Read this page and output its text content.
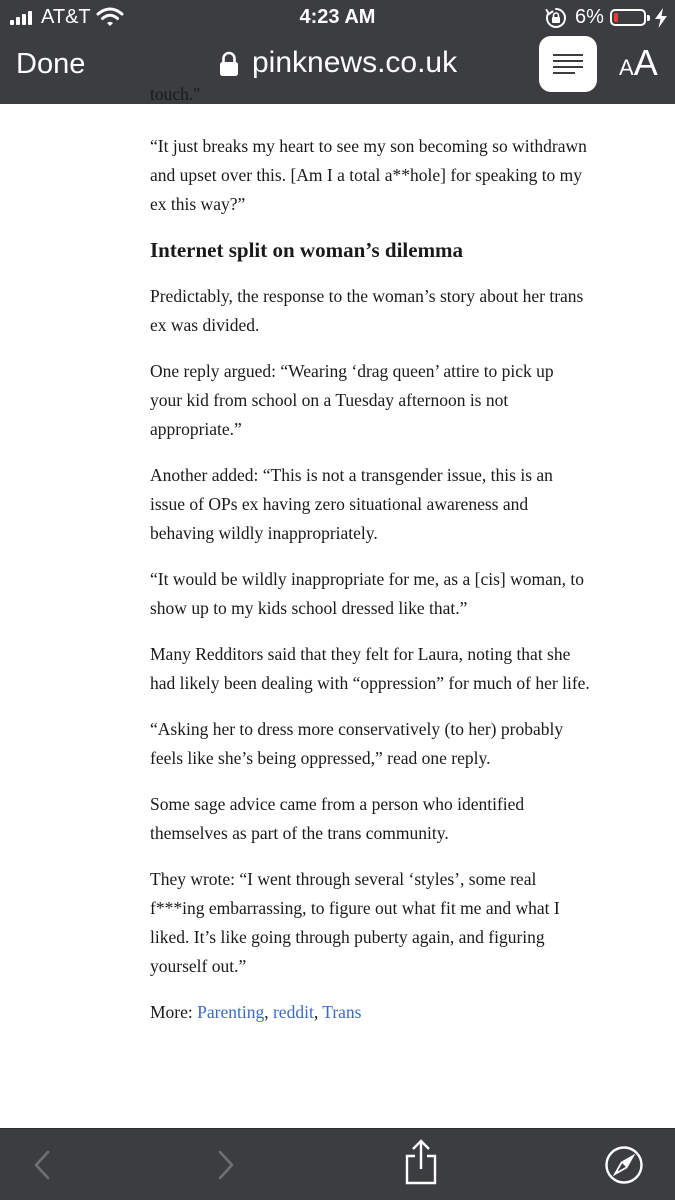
AT&T	4:23 AM	6%
Done	pinknews.co.uk	AA

touch."

“It just breaks my heart to see my son becoming so withdrawn and upset over this. [Am I a total a**hole] for speaking to my ex this way?”

Internet split on woman’s dilemma

Predictably, the response to the woman’s story about her trans ex was divided.

One reply argued: “Wearing ‘drag queen’ attire to pick up your kid from school on a Tuesday afternoon is not appropriate.”

Another added: “This is not a transgender issue, this is an issue of OPs ex having zero situational awareness and behaving wildly inappropriately.

“It would be wildly inappropriate for me, as a [cis] woman, to show up to my kids school dressed like that.”

Many Redditors said that they felt for Laura, noting that she had likely been dealing with “oppression” for much of her life.

“Asking her to dress more conservatively (to her) probably feels like she’s being oppressed,” read one reply.

Some sage advice came from a person who identified themselves as part of the trans community.

They wrote: “I went through several ‘styles’, some real f***ing embarrassing, to figure out what fit me and what I liked. It’s like going through puberty again, and figuring yourself out.”

More: Parenting, reddit, Trans
